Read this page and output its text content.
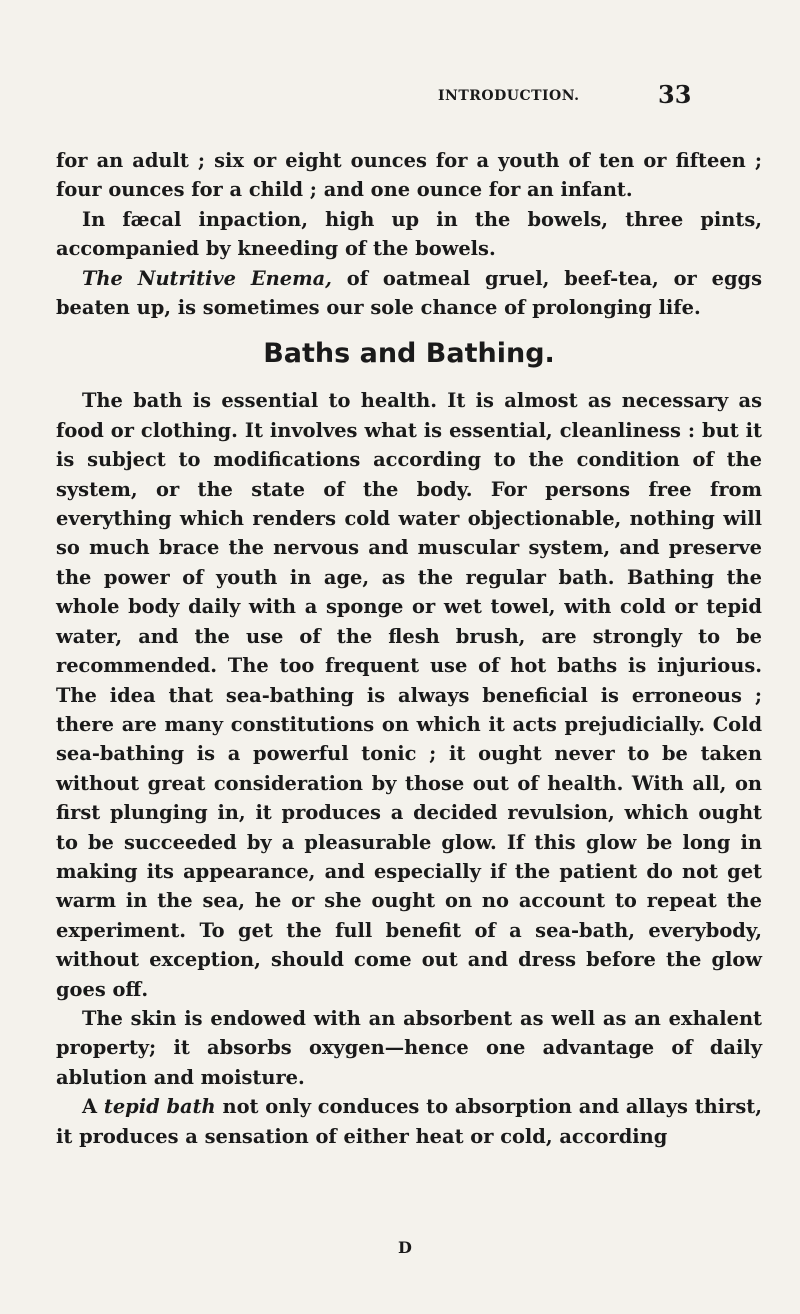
INTRODUCTION.	33

for an adult ; six or eight ounces for a youth of ten or fifteen ; four ounces for a child ; and one ounce for an infant.

In fæcal inpaction, high up in the bowels, three pints, accompanied by kneeding of the bowels.

The Nutritive Enema, of oatmeal gruel, beef-tea, or eggs beaten up, is sometimes our sole chance of prolonging life.

Baths and Bathing.

The bath is essential to health. It is almost as necessary as food or clothing. It involves what is essential, cleanliness : but it is subject to modifications according to the condition of the system, or the state of the body. For persons free from everything which renders cold water objectionable, nothing will so much brace the nervous and muscular system, and preserve the power of youth in age, as the regular bath. Bathing the whole body daily with a sponge or wet towel, with cold or tepid water, and the use of the flesh brush, are strongly to be recommended. The too frequent use of hot baths is injurious. The idea that sea-bathing is always beneficial is erroneous ; there are many constitutions on which it acts prejudicially. Cold sea-bathing is a powerful tonic ; it ought never to be taken without great consideration by those out of health. With all, on first plunging in, it produces a decided revulsion, which ought to be succeeded by a pleasurable glow. If this glow be long in making its appearance, and especially if the patient do not get warm in the sea, he or she ought on no account to repeat the experiment. To get the full benefit of a sea-bath, everybody, without exception, should come out and dress before the glow goes off.

The skin is endowed with an absorbent as well as an exhalent property; it absorbs oxygen—hence one advantage of daily ablution and moisture.

A tepid bath not only conduces to absorption and allays thirst, it produces a sensation of either heat or cold, according

D
